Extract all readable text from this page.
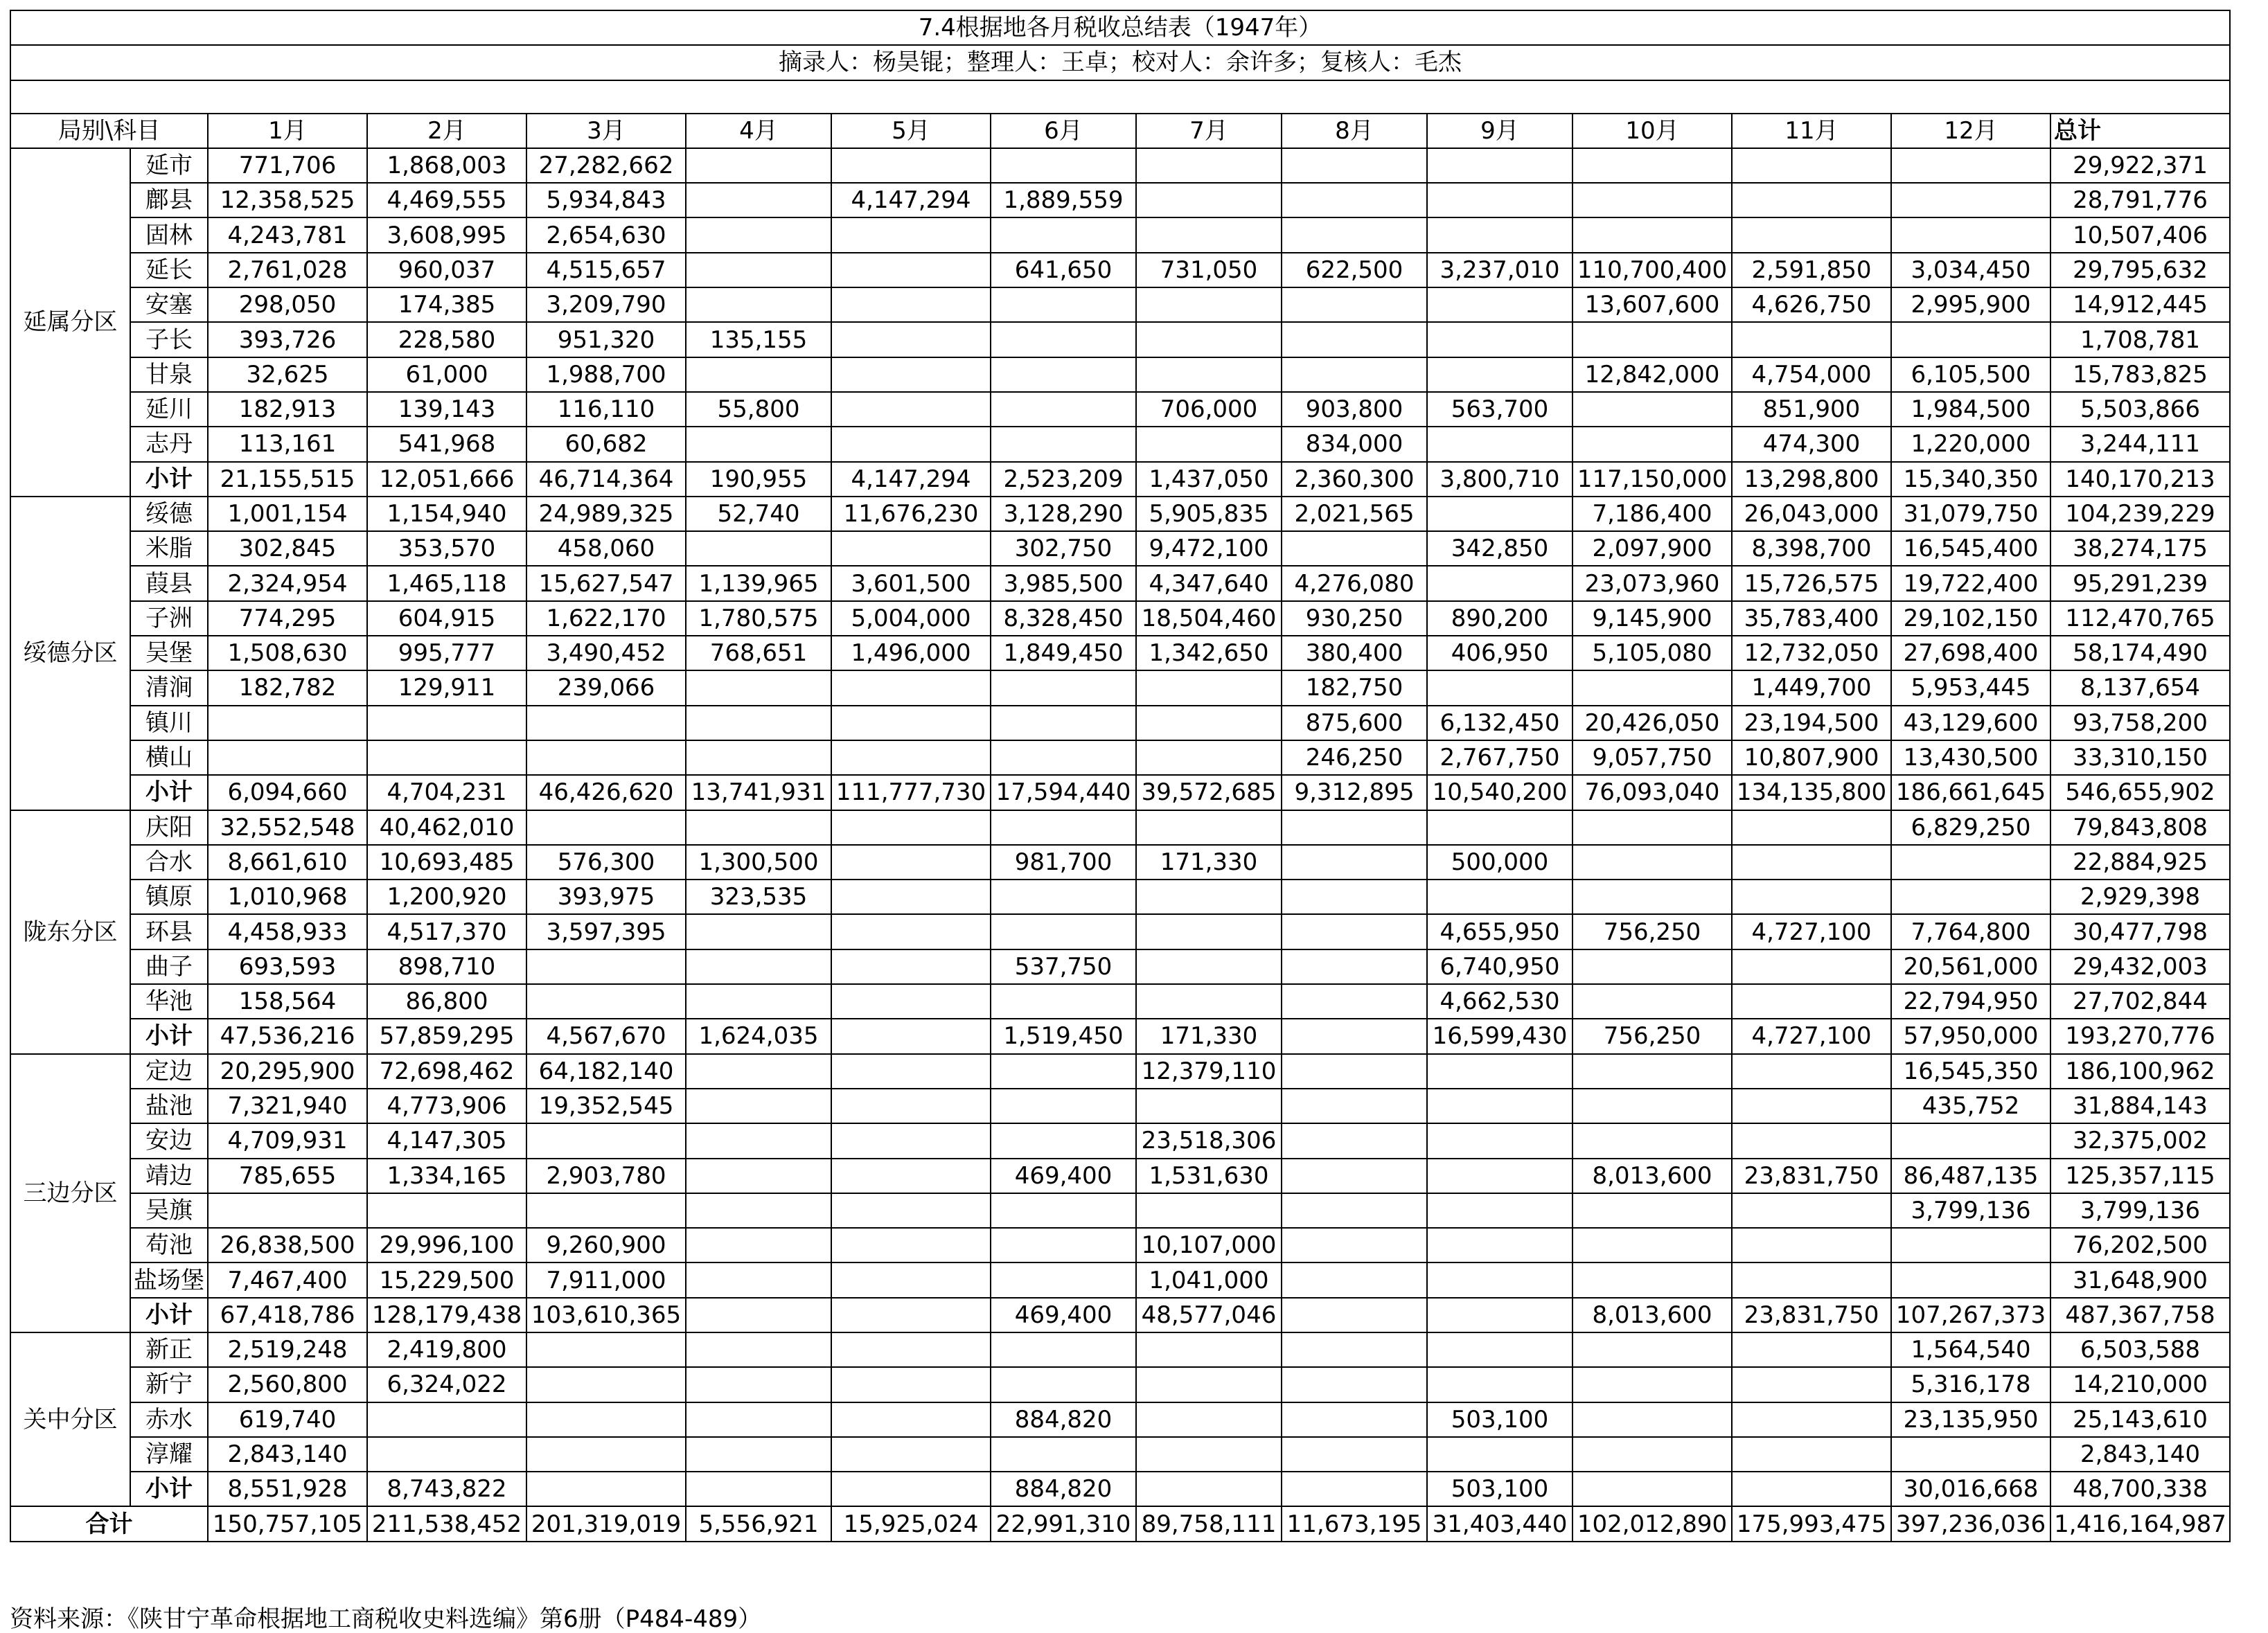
7.4根据地各月税收总结表（1947年）														
摘录人：杨昊锟；整理人：王卓；校对人：余许多；复核人：毛杰														

局别\科目		1月	2月	3月	4月	5月	6月	7月	8月	9月	10月	11月	12月	总计
延属分区	延市	771,706	1,868,003	27,282,662										29,922,371
	鄜县	12,358,525	4,469,555	5,934,843		4,147,294	1,889,559							28,791,776
	固林	4,243,781	3,608,995	2,654,630										10,507,406
	延长	2,761,028	960,037	4,515,657			641,650	731,050	622,500	3,237,010	110,700,400	2,591,850	3,034,450	29,795,632
	安塞	298,050	174,385	3,209,790							13,607,600	4,626,750	2,995,900	14,912,445
	子长	393,726	228,580	951,320	135,155									1,708,781
	甘泉	32,625	61,000	1,988,700							12,842,000	4,754,000	6,105,500	15,783,825
	延川	182,913	139,143	116,110	55,800			706,000	903,800	563,700		851,900	1,984,500	5,503,866
	志丹	113,161	541,968	60,682					834,000			474,300	1,220,000	3,244,111
	小计	21,155,515	12,051,666	46,714,364	190,955	4,147,294	2,523,209	1,437,050	2,360,300	3,800,710	117,150,000	13,298,800	15,340,350	140,170,213
绥德分区	绥德	1,001,154	1,154,940	24,989,325	52,740	11,676,230	3,128,290	5,905,835	2,021,565		7,186,400	26,043,000	31,079,750	104,239,229
	米脂	302,845	353,570	458,060			302,750	9,472,100		342,850	2,097,900	8,398,700	16,545,400	38,274,175
	葭县	2,324,954	1,465,118	15,627,547	1,139,965	3,601,500	3,985,500	4,347,640	4,276,080		23,073,960	15,726,575	19,722,400	95,291,239
	子洲	774,295	604,915	1,622,170	1,780,575	5,004,000	8,328,450	18,504,460	930,250	890,200	9,145,900	35,783,400	29,102,150	112,470,765
	吴堡	1,508,630	995,777	3,490,452	768,651	1,496,000	1,849,450	1,342,650	380,400	406,950	5,105,080	12,732,050	27,698,400	58,174,490
	清涧	182,782	129,911	239,066					182,750			1,449,700	5,953,445	8,137,654
	镇川								875,600	6,132,450	20,426,050	23,194,500	43,129,600	93,758,200
	横山								246,250	2,767,750	9,057,750	10,807,900	13,430,500	33,310,150
	小计	6,094,660	4,704,231	46,426,620	13,741,931	111,777,730	17,594,440	39,572,685	9,312,895	10,540,200	76,093,040	134,135,800	186,661,645	546,655,902
陇东分区	庆阳	32,552,548	40,462,010										6,829,250	79,843,808
	合水	8,661,610	10,693,485	576,300	1,300,500		981,700	171,330		500,000				22,884,925
	镇原	1,010,968	1,200,920	393,975	323,535									2,929,398
	环县	4,458,933	4,517,370	3,597,395						4,655,950	756,250	4,727,100	7,764,800	30,477,798
	曲子	693,593	898,710				537,750			6,740,950			20,561,000	29,432,003
	华池	158,564	86,800							4,662,530			22,794,950	27,702,844
	小计	47,536,216	57,859,295	4,567,670	1,624,035		1,519,450	171,330		16,599,430	756,250	4,727,100	57,950,000	193,270,776
三边分区	定边	20,295,900	72,698,462	64,182,140				12,379,110					16,545,350	186,100,962
	盐池	7,321,940	4,773,906	19,352,545									435,752	31,884,143
	安边	4,709,931	4,147,305					23,518,306						32,375,002
	靖边	785,655	1,334,165	2,903,780			469,400	1,531,630			8,013,600	23,831,750	86,487,135	125,357,115
	吴旗												3,799,136	3,799,136
	苟池	26,838,500	29,996,100	9,260,900				10,107,000						76,202,500
	盐场堡	7,467,400	15,229,500	7,911,000				1,041,000						31,648,900
	小计	67,418,786	128,179,438	103,610,365			469,400	48,577,046			8,013,600	23,831,750	107,267,373	487,367,758
关中分区	新正	2,519,248	2,419,800										1,564,540	6,503,588
	新宁	2,560,800	6,324,022										5,316,178	14,210,000
	赤水	619,740					884,820			503,100			23,135,950	25,143,610
	淳耀	2,843,140												2,843,140
	小计	8,551,928	8,743,822				884,820			503,100			30,016,668	48,700,338
合计		150,757,105	211,538,452	201,319,019	5,556,921	15,925,024	22,991,310	89,758,111	11,673,195	31,403,440	102,012,890	175,993,475	397,236,036	1,416,164,987
资料来源：《陕甘宁革命根据地工商税收史料选编》第6册（P484-489）
